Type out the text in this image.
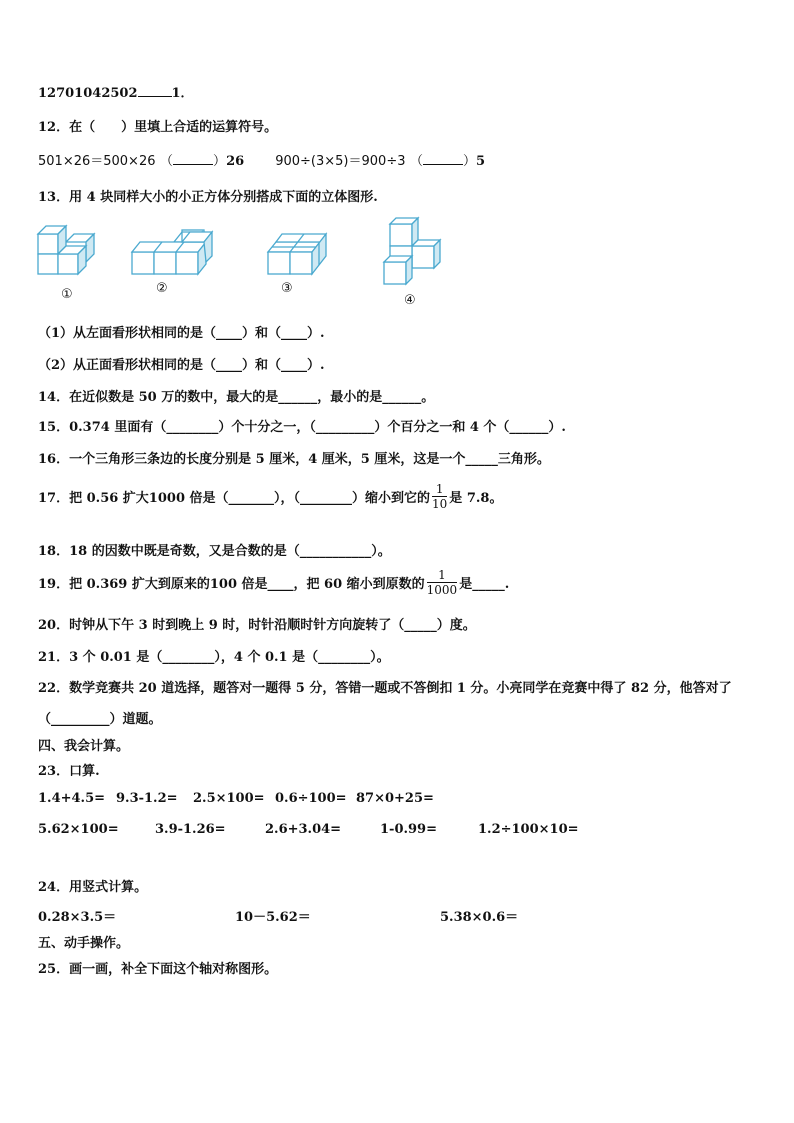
12701042502	1．
12．在（　　）里填上合适的运算符号。
501×26＝500×26 （	）26 900÷(3×5)＝900÷3 （	）5
13．用 4 块同样大小的小正方体分别搭成下面的立体图形.
①	②	③
④
（1）从左面看形状相同的是（____）和（____）.
（2）从正面看形状相同的是（____）和（____）.
14．在近似数是 50 万的数中，最大的是______，最小的是______。
15．0.374 里面有（________）个十分之一，（_________）个百分之一和 4 个（______）.
16．一个三角形三条边的长度分别是 5 厘米，4 厘米，5 厘米，这是一个_____三角形。
17．把 0.56 扩大1000 倍是（_______），（________）缩小到它的 $\frac{1}{10}$ 是 7.8。
18．18 的因数中既是奇数，又是合数的是（___________）。
19．把 0.369 扩大到原来的100 倍是____，把 60 缩小到原数的 $\frac{1}{1000}$ 是_____.
20．时钟从下午 3 时到晚上 9 时，时针沿顺时针方向旋转了（_____）度。
21．3 个 0.01 是（________），4 个 0.1 是（________）。
22．数学竞赛共 20 道选择，题答对一题得 5 分，答错一题或不答倒扣 1 分。小亮同学在竞赛中得了 82 分，他答对了
（_________）道题。
四、我会计算。
23．口算.
1.4+4.5= 9.3-1.2= 2.5×100= 0.6÷100= 87×0+25=
5.62×100=	3.9-1.26=	2.6+3.04=	1-0.99=	1.2÷100×10=
24．用竖式计算。
0.28×3.5＝	10－5.62＝	5.38×0.6＝
五、动手操作。
25．画一画，补全下面这个轴对称图形。
